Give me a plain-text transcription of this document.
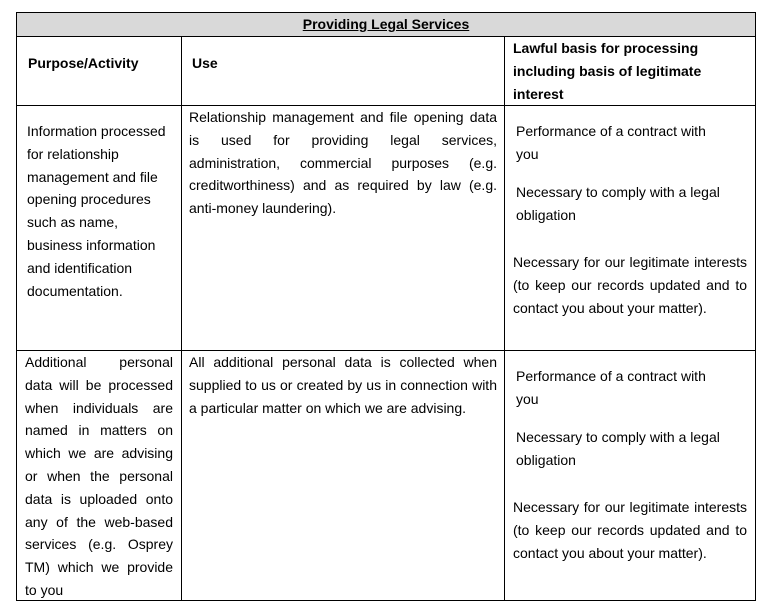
Providing Legal Services
Purpose/Activity	Use
Lawful basis for processing including basis of legitimate interest
Information processed for relationship management and file opening procedures such as name, business information and identification documentation.
Relationship management and file opening data is used for providing legal services, administration, commercial purposes (e.g. creditworthiness) and as required by law (e.g. anti-money laundering).
Performance of a contract with you
Necessary to comply with a legal obligation
Necessary for our legitimate interests (to keep our records updated and to contact you about your matter).
Additional personal data will be processed when individuals are named in matters on which we are advising or when the personal data is uploaded onto any of the web-based services (e.g. Osprey TM) which we provide to you
All additional personal data is collected when supplied to us or created by us in connection with a particular matter on which we are advising.
Performance of a contract with you
Necessary to comply with a legal obligation
Necessary for our legitimate interests (to keep our records updated and to contact you about your matter).
